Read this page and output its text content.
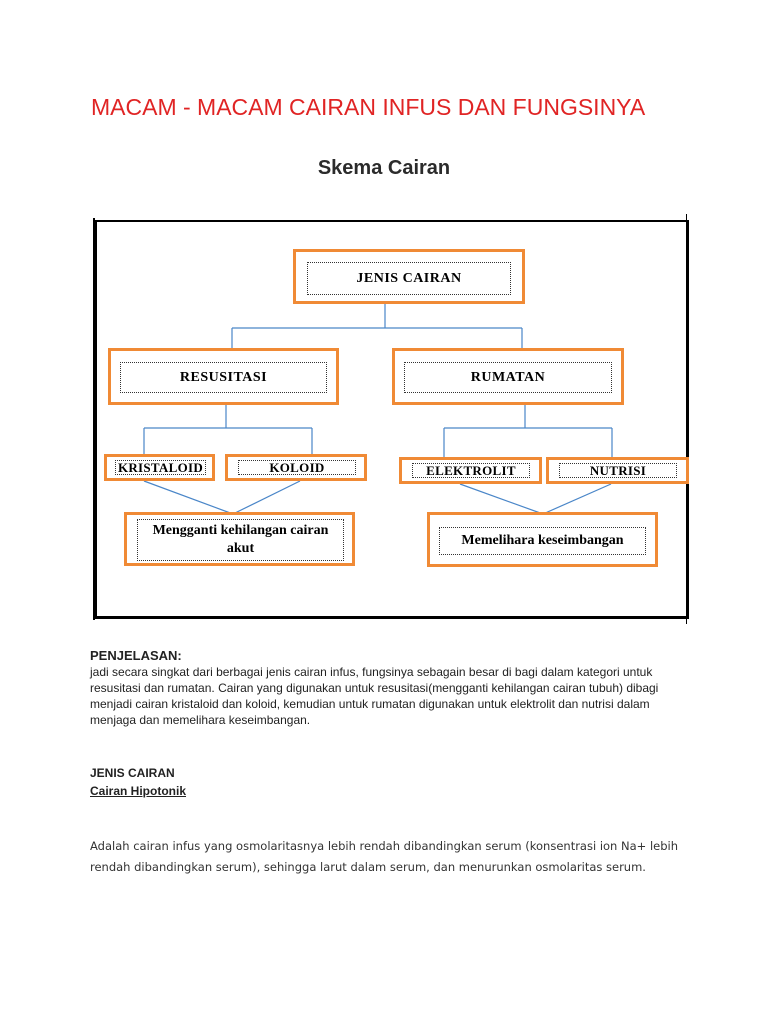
MACAM - MACAM CAIRAN INFUS DAN FUNGSINYA
Skema Cairan
JENIS CAIRAN
RESUSITASI	RUMATAN
KRISTALOID	KOLOID	ELEKTROLIT	NUTRISI
Mengganti kehilangan cairan akut
Memelihara keseimbangan
PENJELASAN:
jadi secara singkat dari berbagai jenis cairan infus, fungsinya sebagain besar di bagi dalam kategori untuk resusitasi dan rumatan. Cairan yang digunakan untuk resusitasi(mengganti kehilangan cairan tubuh) dibagi menjadi cairan kristaloid dan koloid, kemudian untuk rumatan digunakan untuk elektrolit dan nutrisi dalam menjaga dan memelihara keseimbangan.
JENIS CAIRAN
Cairan Hipotonik
Adalah cairan infus yang osmolaritasnya lebih rendah dibandingkan serum (konsentrasi ion Na+ lebih rendah dibandingkan serum), sehingga larut dalam serum, dan menurunkan osmolaritas serum.
